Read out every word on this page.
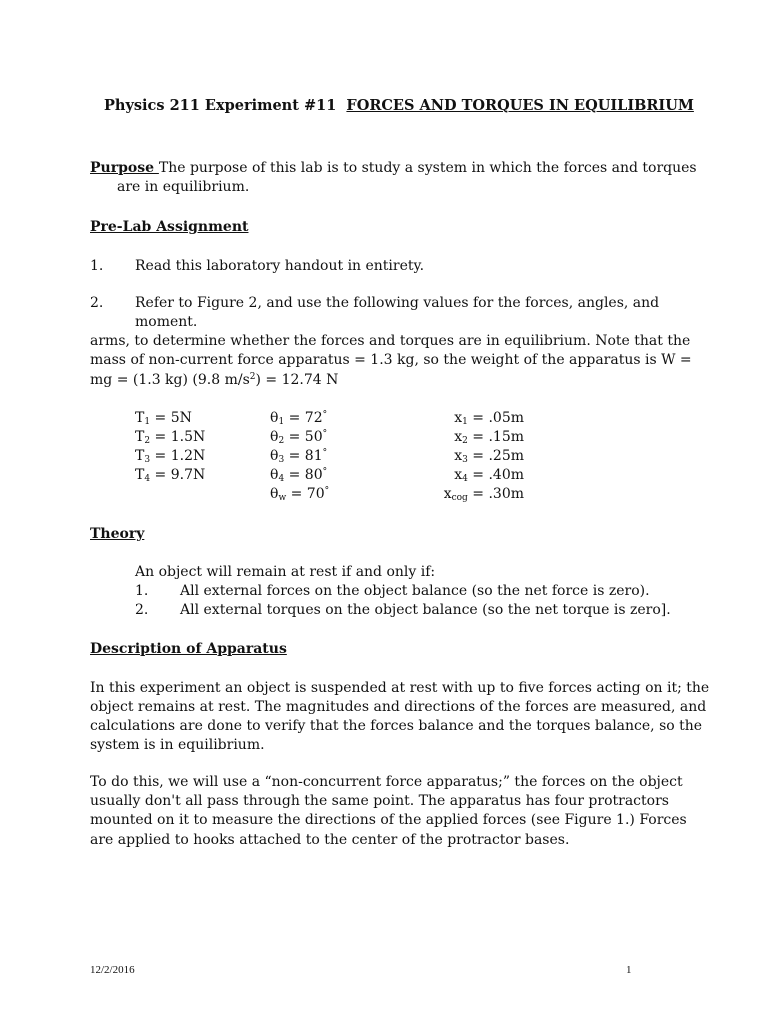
Physics 211 Experiment #11 FORCES AND TORQUES IN EQUILIBRIUM
Purpose The purpose of this lab is to study a system in which the forces and torques
are in equilibrium.
Pre-Lab Assignment
1. Read this laboratory handout in entirety.
2. Refer to Figure 2, and use the following values for the forces, angles, and
moment.
arms, to determine whether the forces and torques are in equilibrium. Note that the
mass of non-current force apparatus = 1.3 kg, so the weight of the apparatus is W =
mg = (1.3 kg) (9.8 $m/s^2) = 12.74$ N
$T_1 = 5N$
$T_2 = 1.5N$
$T_3 = 1.2N$
$T_4 = 9.7N$
$\theta_1 = 72^\circ$
$\theta_2 = 50^\circ$
$\theta_3 = 81^\circ$
$\theta_4 = 80^\circ$
$\theta_w = 70^\circ$
$x_1 = .05m$
$x_2 = .15m$
$x_3 = .25m$
$x_4 = .40m$
$x_{cog} = .30m$
Theory
An object will remain at rest if and only if:
1. All external forces on the object balance (so the net force is zero).
2. All external torques on the object balance (so the net torque is zero].
Description of Apparatus
In this experiment an object is suspended at rest with up to five forces acting on it; the
object remains at rest. The magnitudes and directions of the forces are measured, and
calculations are done to verify that the forces balance and the torques balance, so the
system is in equilibrium.
To do this, we will use a “non-concurrent force apparatus;” the forces on the object
usually don't all pass through the same point. The apparatus has four protractors
mounted on it to measure the directions of the applied forces (see Figure 1.) Forces
are applied to hooks attached to the center of the protractor bases.
12/2/2016	1
